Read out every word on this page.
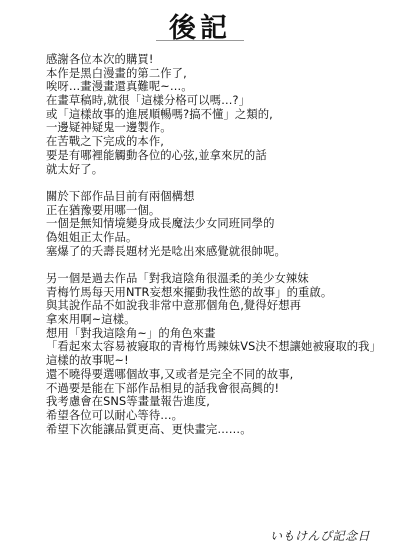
後記
感謝各位本次的購買!
本作是黑白漫畫的第二作了,
唉呀…畫漫畫還真難呢~…。
在畫草稿時,就很「這樣分格可以嗎…?」
或「這樣故事的進展順暢嗎?搞不懂」之類的,
一邊疑神疑鬼一邊製作。
在苦戰之下完成的本作,
要是有哪裡能觸動各位的心弦,並拿來尻的話
就太好了。
關於下部作品目前有兩個構想
正在猶豫要用哪一個。
一個是無知情境變身成長魔法少女同班同學的
偽姐姐正太作品。
塞爆了的夭壽長題材光是唸出來感覺就很帥呢。
另一個是過去作品「對我這陰角很溫柔的美少女辣妹
青梅竹馬每天用NTR妄想來擺動我性慾的故事」的重啟。
與其說作品不如說我非常中意那個角色,覺得好想再
拿來用啊~這樣。
想用「對我這陰角~」的角色來畫
「看起來太容易被寢取的青梅竹馬辣妹VS決不想讓她被寢取的我」
這樣的故事呢~!
還不曉得要選哪個故事,又或者是完全不同的故事,
不過要是能在下部作品相見的話我會很高興的!
我考慮會在SNS等畫量報告進度,
希望各位可以耐心等待…。
希望下次能讓品質更高、更快畫完……。
いもけんぴ記念日
